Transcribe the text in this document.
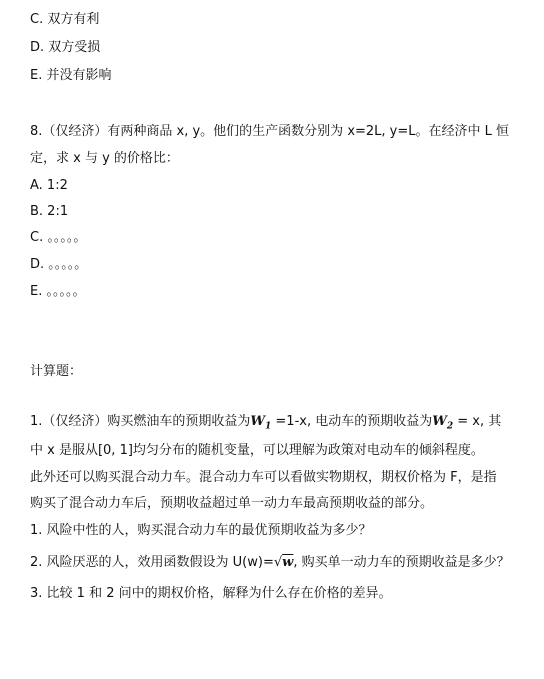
C. 双方有利
D. 双方受损
E. 并没有影响
8.（仅经济）有两种商品 x, y。他们的生产函数分别为 x=2L, y=L。在经济中 L 恒
定，求 x 与 y 的价格比：
A. 1:2
B. 2:1
C. 。。。。。
D. 。。。。。
E. 。。。。。
计算题：
1.（仅经济）购买燃油车的预期收益为$W_1 =1-x$, 电动车的预期收益为$W_2 = x$, 其
中 x 是服从[0, 1]均匀分布的随机变量，可以理解为政策对电动车的倾斜程度。
此外还可以购买混合动力车。混合动力车可以看做实物期权，期权价格为 F，是指
购买了混合动力车后，预期收益超过单一动力车最高预期收益的部分。
1. 风险中性的人，购买混合动力车的最优预期收益为多少？
2. 风险厌恶的人，效用函数假设为 U(w)=√w, 购买单一动力车的预期收益是多少？
3. 比较 1 和 2 问中的期权价格，解释为什么存在价格的差异。
